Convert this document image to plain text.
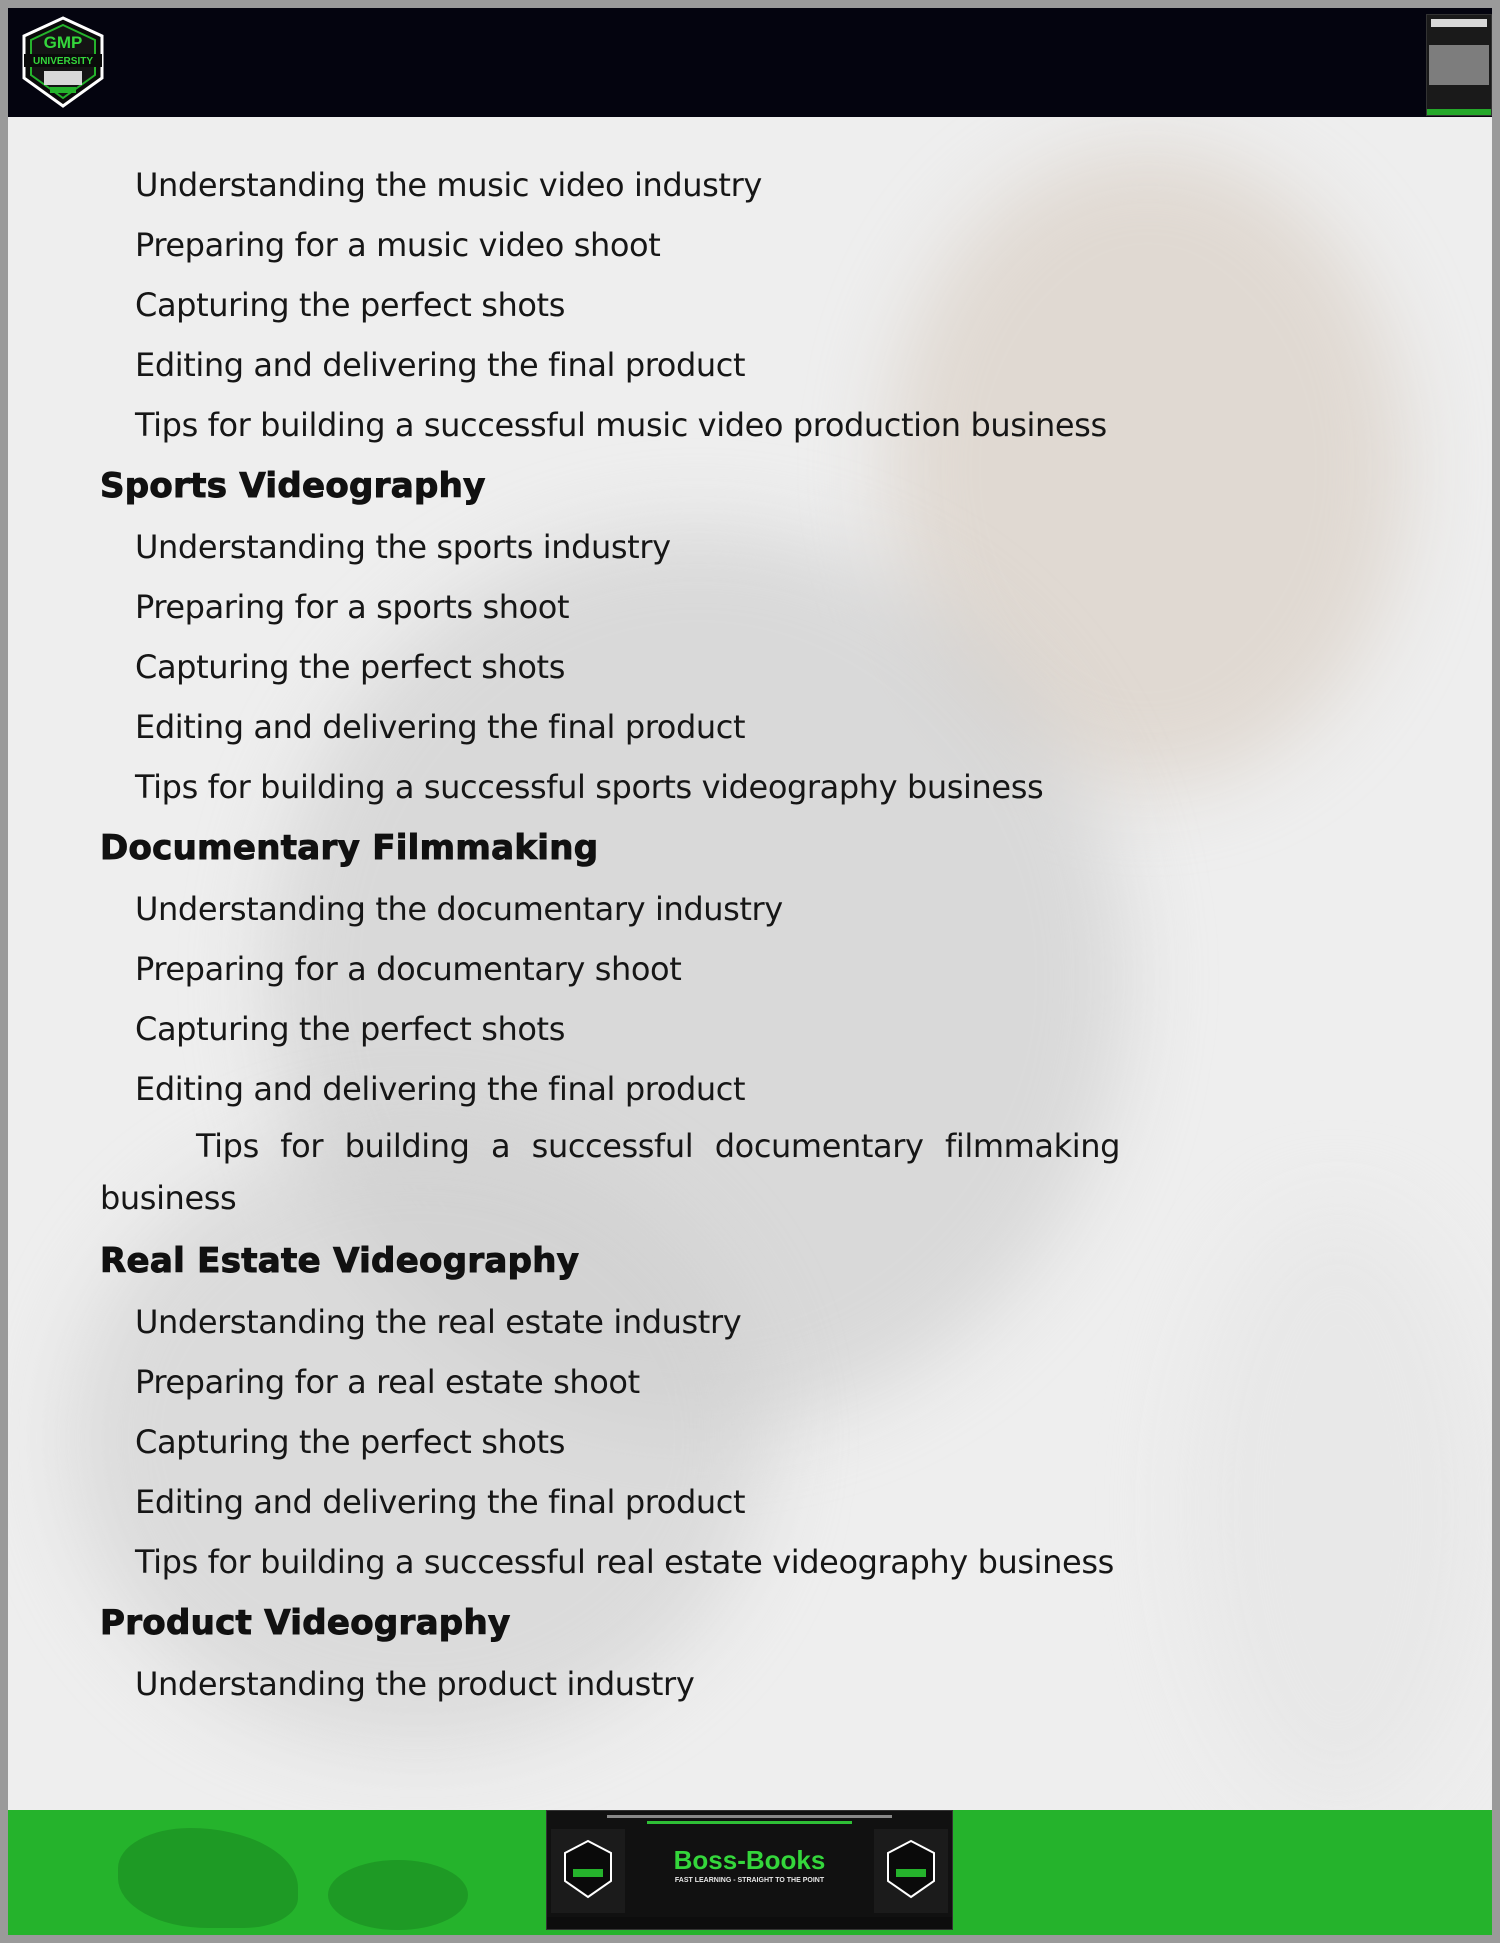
GMP
UNIVERSITY
Understanding the music video industry
Preparing for a music video shoot
Capturing the perfect shots
Editing and delivering the final product
Tips for building a successful music video production business
Sports Videography
Understanding the sports industry
Preparing for a sports shoot
Capturing the perfect shots
Editing and delivering the final product
Tips for building a successful sports videography business
Documentary Filmmaking
Understanding the documentary industry
Preparing for a documentary shoot
Capturing the perfect shots
Editing and delivering the final product
Tips for building a successful documentary filmmaking business
Real Estate Videography
Understanding the real estate industry
Preparing for a real estate shoot
Capturing the perfect shots
Editing and delivering the final product
Tips for building a successful real estate videography business
Product Videography
Understanding the product industry
Boss-Books
FAST LEARNING - STRAIGHT TO THE POINT
